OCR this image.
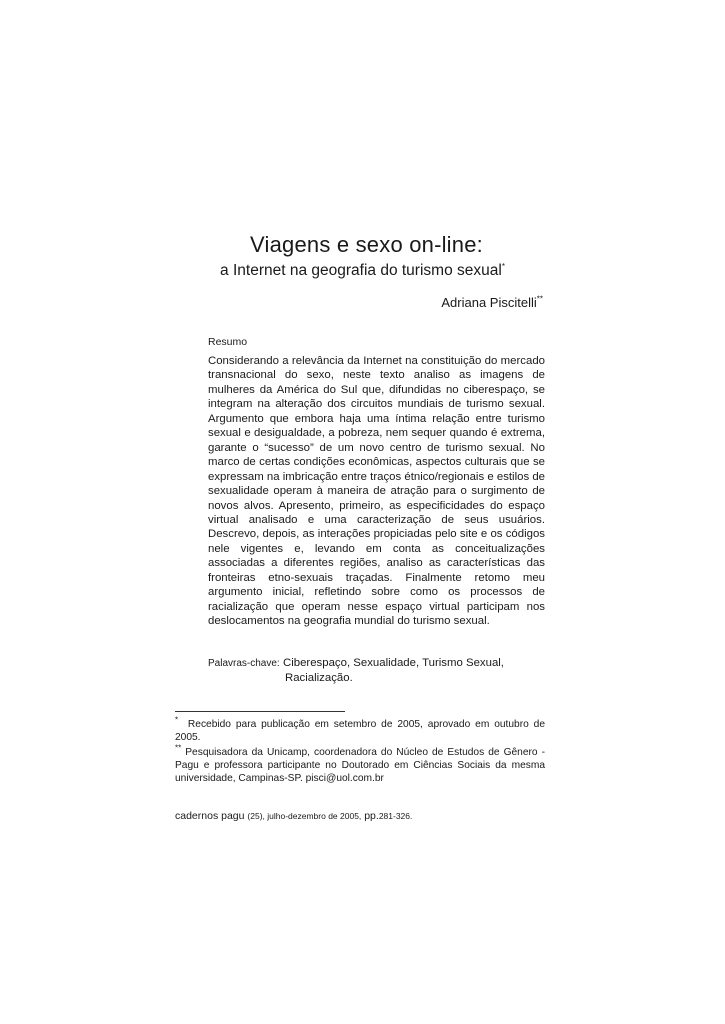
Viagens e sexo on-line:
a Internet na geografia do turismo sexual*
Adriana Piscitelli**
Resumo

Considerando a relevância da Internet na constituição do mercado transnacional do sexo, neste texto analiso as imagens de mulheres da América do Sul que, difundidas no ciberespaço, se integram na alteração dos circuitos mundiais de turismo sexual. Argumento que embora haja uma íntima relação entre turismo sexual e desigualdade, a pobreza, nem sequer quando é extrema, garante o “sucesso” de um novo centro de turismo sexual. No marco de certas condições econômicas, aspectos culturais que se expressam na imbricação entre traços étnico/regionais e estilos de sexualidade operam à maneira de atração para o surgimento de novos alvos. Apresento, primeiro, as especificidades do espaço virtual analisado e uma caracterização de seus usuários. Descrevo, depois, as interações propiciadas pelo site e os códigos nele vigentes e, levando em conta as conceitualizações associadas a diferentes regiões, analiso as características das fronteiras etno-sexuais traçadas. Finalmente retomo meu argumento inicial, refletindo sobre como os processos de racialização que operam nesse espaço virtual participam nos deslocamentos na geografia mundial do turismo sexual.

Palavras-chave: Ciberespaço, Sexualidade, Turismo Sexual,
Racialização.

* Recebido para publicação em setembro de 2005, aprovado em outubro de 2005.

** Pesquisadora da Unicamp, coordenadora do Núcleo de Estudos de Gênero - Pagu e professora participante no Doutorado em Ciências Sociais da mesma universidade, Campinas-SP. pisci@uol.com.br

cadernos pagu (25), julho-dezembro de 2005, pp.281-326.
